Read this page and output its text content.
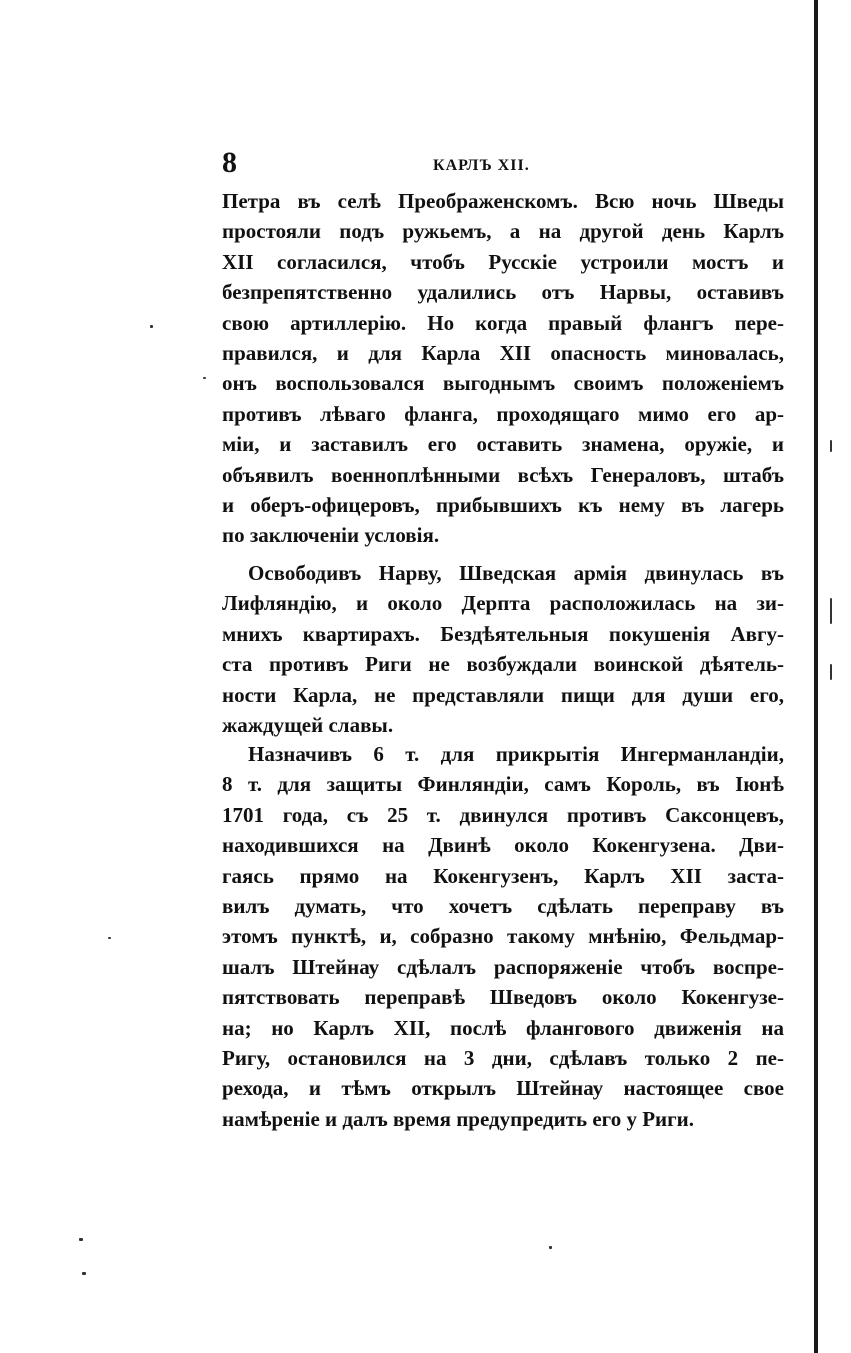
8	КАРЛЪ XII.
Петра въ селѣ Преображенскомъ. Всю ночь Шведы
простояли подъ ружьемъ, а на другой день Карлъ
XII согласился, чтобъ Русскіе устроили мостъ и
безпрепятственно удалились отъ Нарвы, оставивъ
свою артиллерію. Но когда правый флангъ пере-
правился, и для Карла XII опасность миновалась,
онъ воспользовался выгоднымъ своимъ положеніемъ
противъ лѣваго фланга, проходящаго мимо его ар-
міи, и заставилъ его оставить знамена, оружіе, и
объявилъ военноплѣнными всѣхъ Генераловъ, штабъ
и оберъ-офицеровъ, прибывшихъ къ нему въ лагерь
по заключеніи условія.
Освободивъ Нарву, Шведская армія двинулась въ
Лифляндію, и около Дерпта расположилась на зи-
мнихъ квартирахъ. Бездѣятельныя покушенія Авгу-
ста противъ Риги не возбуждали воинской дѣятель-
ности Карла, не представляли пищи для души его,
жаждущей славы.
Назначивъ 6 т. для прикрытія Ингерманландіи,
8 т. для защиты Финляндіи, самъ Король, въ Іюнѣ
1701 года, съ 25 т. двинулся противъ Саксонцевъ,
находившихся на Двинѣ около Кокенгузена. Дви-
гаясь прямо на Кокенгузенъ, Карлъ XII заста-
вилъ думать, что хочетъ сдѣлать переправу въ
этомъ пунктѣ, и, собразно такому мнѣнію, Фельдмар-
шалъ Штейнау сдѣлалъ распоряженіе чтобъ воспре-
пятствовать переправѣ Шведовъ около Кокенгузе-
на; но Карлъ XII, послѣ флангового движенія на
Ригу, остановился на 3 дни, сдѣлавъ только 2 пе-
рехода, и тѣмъ открылъ Штейнау настоящее свое
намѣреніе и далъ время предупредить его у Риги.
